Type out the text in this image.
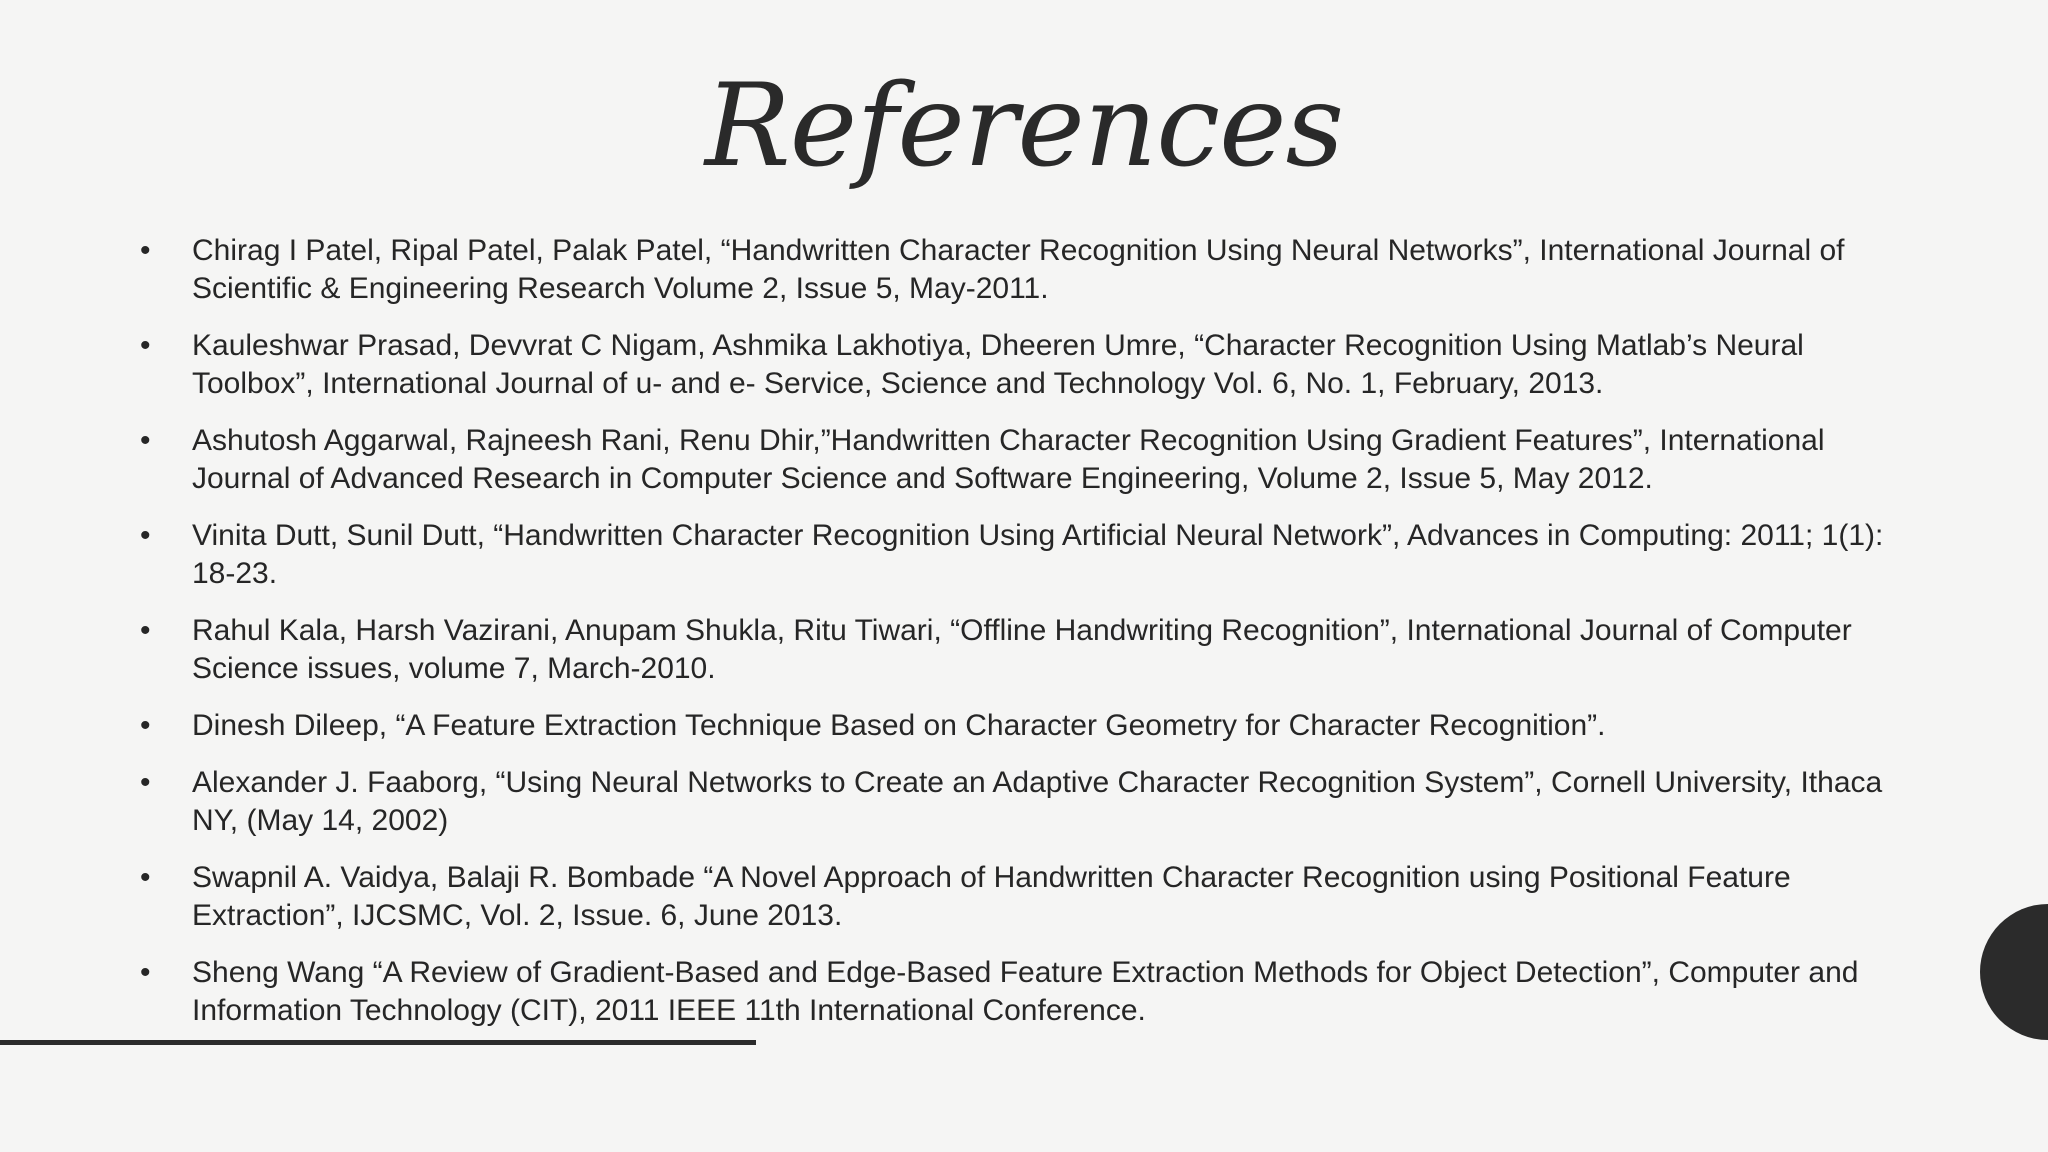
References
•	Chirag I Patel, Ripal Patel, Palak Patel, “Handwritten Character Recognition Using Neural Networks”, International Journal of Scientific & Engineering Research Volume 2, Issue 5, May-2011.
•	Kauleshwar Prasad, Devvrat C Nigam, Ashmika Lakhotiya, Dheeren Umre, “Character Recognition Using Matlab’s Neural Toolbox”, International Journal of u- and e- Service, Science and Technology Vol. 6, No. 1, February, 2013.
•	Ashutosh Aggarwal, Rajneesh Rani, Renu Dhir,”Handwritten Character Recognition Using Gradient Features”, International Journal of Advanced Research in Computer Science and Software Engineering, Volume 2, Issue 5, May 2012.
•	Vinita Dutt, Sunil Dutt, “Handwritten Character Recognition Using Artificial Neural Network”, Advances in Computing: 2011; 1(1): 18-23.
•	Rahul Kala, Harsh Vazirani, Anupam Shukla, Ritu Tiwari, “Offline Handwriting Recognition”, International Journal of Computer Science issues, volume 7, March-2010.
•	Dinesh Dileep, “A Feature Extraction Technique Based on Character Geometry for Character Recognition”.
•	Alexander J. Faaborg, “Using Neural Networks to Create an Adaptive Character Recognition System”, Cornell University, Ithaca NY, (May 14, 2002)
•	Swapnil A. Vaidya, Balaji R. Bombade “A Novel Approach of Handwritten Character Recognition using Positional Feature Extraction”, IJCSMC, Vol. 2, Issue. 6, June 2013.
•	Sheng Wang “A Review of Gradient-Based and Edge-Based Feature Extraction Methods for Object Detection”, Computer and Information Technology (CIT), 2011 IEEE 11th International Conference.
